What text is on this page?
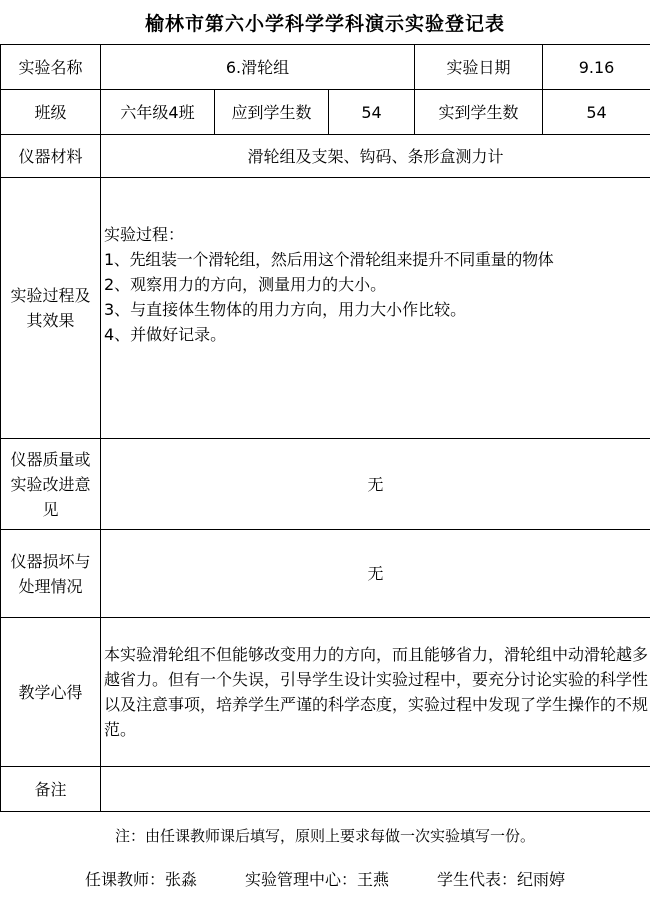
榆林市第六小学科学学科演示实验登记表
实验名称	6.滑轮组			实验日期	9.16
班级	六年级4班	应到学生数	54	实到学生数	54
仪器材料	滑轮组及支架、钩码、条形盒测力计				
实验过程及其效果	实验过程：
1、先组装一个滑轮组，然后用这个滑轮组来提升不同重量的物体
2、观察用力的方向，测量用力的大小。
3、与直接体生物体的用力方向，用力大小作比较。
4、并做好记录。				

仪器质量或实验改进意见	无				
仪器损坏与处理情况	无				
教学心得	本实验滑轮组不但能够改变用力的方向，而且能够省力，滑轮组中动滑轮越多越省力。但有一个失误，引导学生设计实验过程中，要充分讨论实验的科学性以及注意事项，培养学生严谨的科学态度，实验过程中发现了学生操作的不规范。				
备注					
注：由任课教师课后填写，原则上要求每做一次实验填写一份。
任课教师：张淼	实验管理中心：王燕	学生代表：纪雨婷
